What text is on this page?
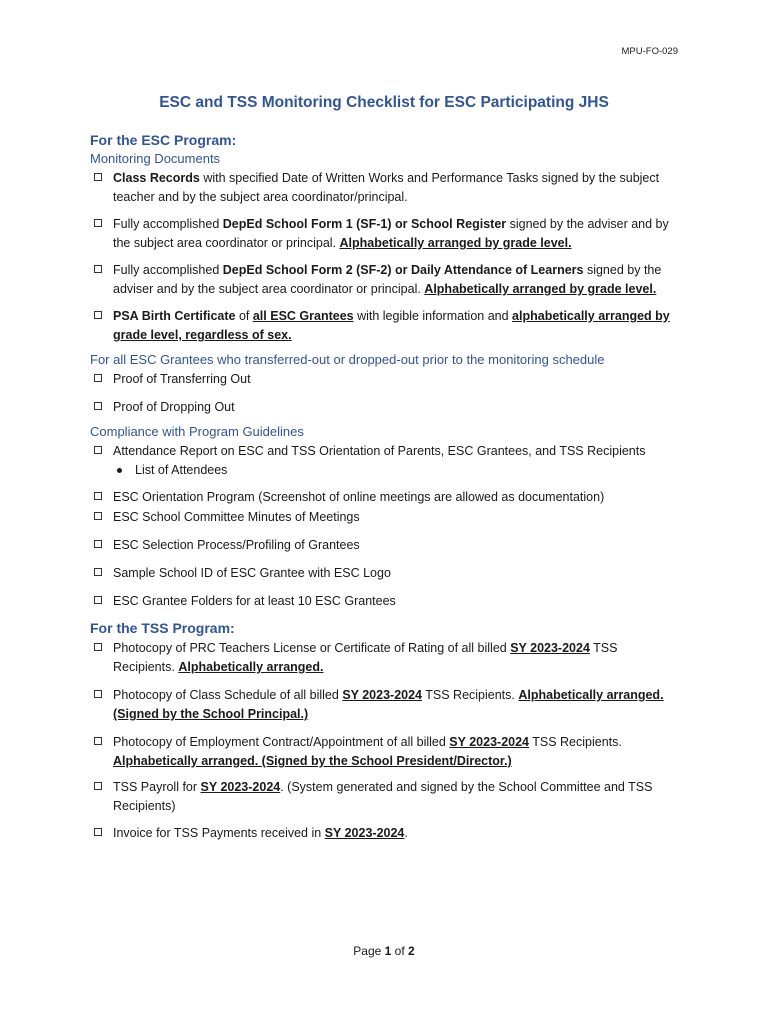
MPU-FO-029
ESC and TSS Monitoring Checklist for ESC Participating JHS
For the ESC Program:
Monitoring Documents
Class Records with specified Date of Written Works and Performance Tasks signed by the subject teacher and by the subject area coordinator/principal.
Fully accomplished DepEd School Form 1 (SF-1) or School Register signed by the adviser and by the subject area coordinator or principal. Alphabetically arranged by grade level.
Fully accomplished DepEd School Form 2 (SF-2) or Daily Attendance of Learners signed by the adviser and by the subject area coordinator or principal. Alphabetically arranged by grade level.
PSA Birth Certificate of all ESC Grantees with legible information and alphabetically arranged by grade level, regardless of sex.
For all ESC Grantees who transferred-out or dropped-out prior to the monitoring schedule
Proof of Transferring Out
Proof of Dropping Out
Compliance with Program Guidelines
Attendance Report on ESC and TSS Orientation of Parents, ESC Grantees, and TSS Recipients
List of Attendees
ESC Orientation Program (Screenshot of online meetings are allowed as documentation)
ESC School Committee Minutes of Meetings
ESC Selection Process/Profiling of Grantees
Sample School ID of ESC Grantee with ESC Logo
ESC Grantee Folders for at least 10 ESC Grantees
For the TSS Program:
Photocopy of PRC Teachers License or Certificate of Rating of all billed SY 2023-2024 TSS Recipients. Alphabetically arranged.
Photocopy of Class Schedule of all billed SY 2023-2024 TSS Recipients. Alphabetically arranged. (Signed by the School Principal.)
Photocopy of Employment Contract/Appointment of all billed SY 2023-2024 TSS Recipients. Alphabetically arranged. (Signed by the School President/Director.)
TSS Payroll for SY 2023-2024. (System generated and signed by the School Committee and TSS Recipients)
Invoice for TSS Payments received in SY 2023-2024.
Page 1 of 2
